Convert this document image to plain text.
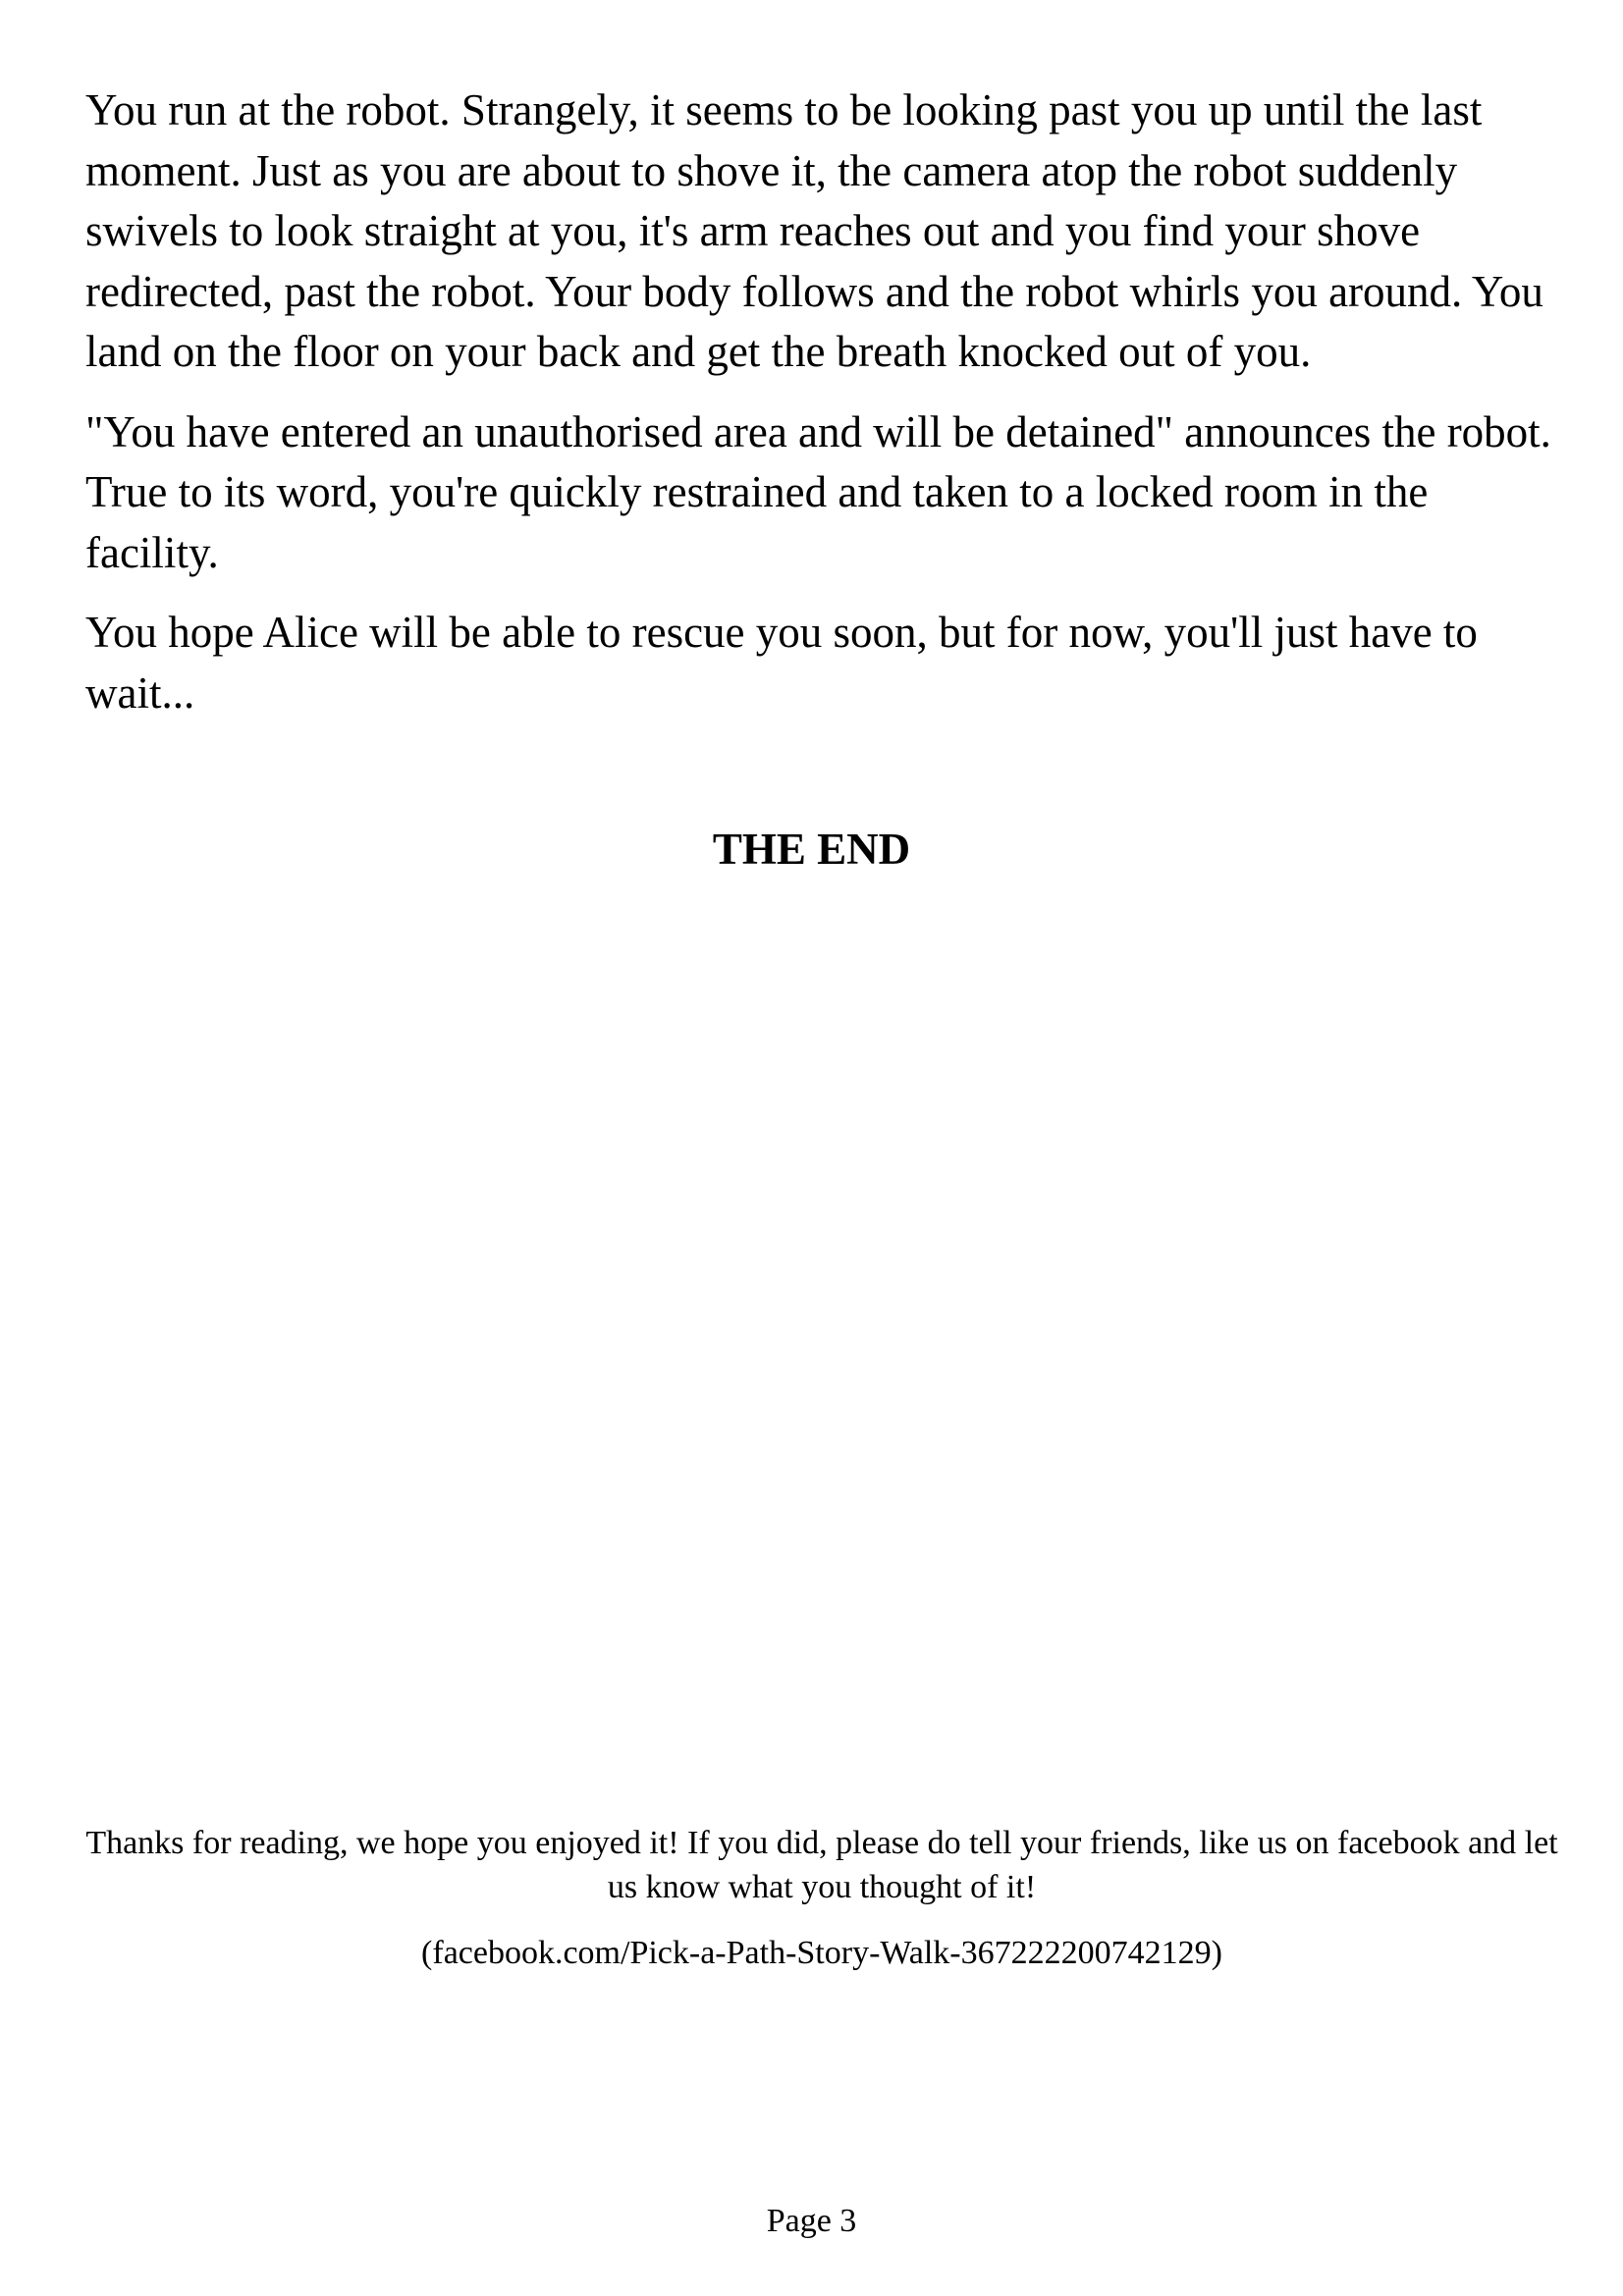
You run at the robot. Strangely, it seems to be looking past you up until the last moment. Just as you are about to shove it, the camera atop the robot suddenly swivels to look straight at you, it's arm reaches out and you find your shove redirected, past the robot. Your body follows and the robot whirls you around. You land on the floor on your back and get the breath knocked out of you.

"You have entered an unauthorised area and will be detained" announces the robot. True to its word, you're quickly restrained and taken to a locked room in the facility.

You hope Alice will be able to rescue you soon, but for now, you'll just have to wait...

THE END

Thanks for reading, we hope you enjoyed it! If you did, please do tell your friends, like us on facebook and let us know what you thought of it!

(facebook.com/Pick-a-Path-Story-Walk-367222200742129)

Page 3
